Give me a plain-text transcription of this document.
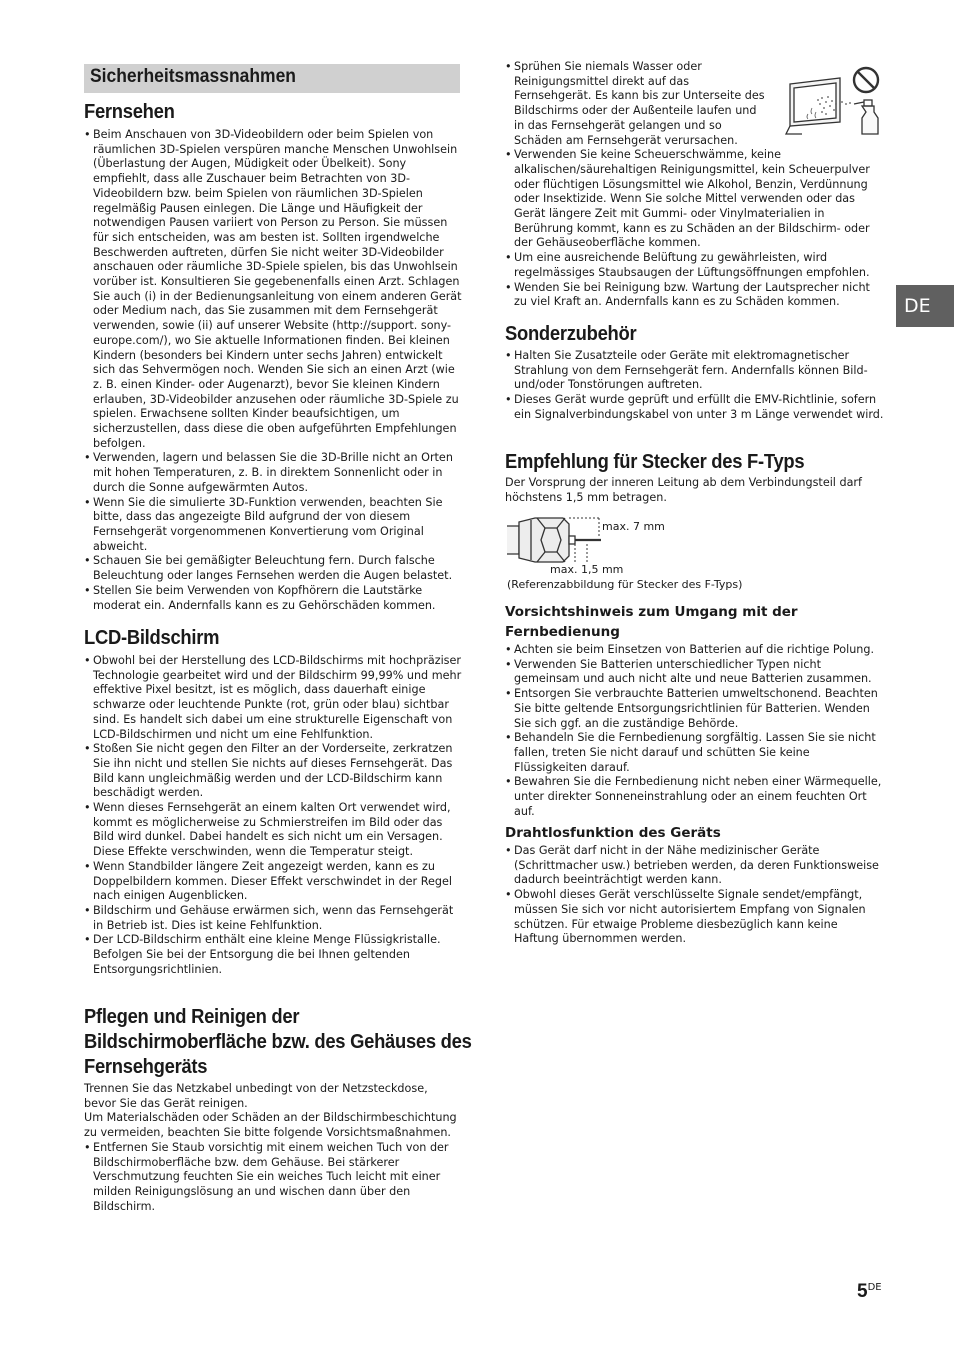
Sicherheitsmassnahmen
Fernsehen
• Beim Anschauen von 3D-Videobildern oder beim Spielen von räumlichen 3D-Spielen verspüren manche Menschen Unwohlsein (Überlastung der Augen, Müdigkeit oder Übelkeit). Sony empfiehlt, dass alle Zuschauer beim Betrachten von 3D-Videobildern bzw. beim Spielen von räumlichen 3D-Spielen regelmäßig Pausen einlegen. Die Länge und Häufigkeit der notwendigen Pausen variiert von Person zu Person. Sie müssen für sich entscheiden, was am besten ist. Sollten irgendwelche Beschwerden auftreten, dürfen Sie nicht weiter 3D-Videobilder anschauen oder räumliche 3D-Spiele spielen, bis das Unwohlsein vorüber ist. Konsultieren Sie gegebenenfalls einen Arzt. Schlagen Sie auch (i) in der Bedienungsanleitung von einem anderen Gerät oder Medium nach, das Sie zusammen mit dem Fernsehgerät verwenden, sowie (ii) auf unserer Website (http://support. sony-europe.com/), wo Sie aktuelle Informationen finden. Bei kleinen Kindern (besonders bei Kindern unter sechs Jahren) entwickelt sich das Sehvermögen noch. Wenden Sie sich an einen Arzt (wie z. B. einen Kinder- oder Augenarzt), bevor Sie kleinen Kindern erlauben, 3D-Videobilder anzusehen oder räumliche 3D-Spiele zu spielen. Erwachsene sollten Kinder beaufsichtigen, um sicherzustellen, dass diese die oben aufgeführten Empfehlungen befolgen.
• Verwenden, lagern und belassen Sie die 3D-Brille nicht an Orten mit hohen Temperaturen, z. B. in direktem Sonnenlicht oder in durch die Sonne aufgewärmten Autos.
• Wenn Sie die simulierte 3D-Funktion verwenden, beachten Sie bitte, dass das angezeigte Bild aufgrund der von diesem Fernsehgerät vorgenommenen Konvertierung vom Original abweicht.
• Schauen Sie bei gemäßigter Beleuchtung fern. Durch falsche Beleuchtung oder langes Fernsehen werden die Augen belastet.
• Stellen Sie beim Verwenden von Kopfhörern die Lautstärke moderat ein. Andernfalls kann es zu Gehörschäden kommen.
LCD-Bildschirm
• Obwohl bei der Herstellung des LCD-Bildschirms mit hochpräziser Technologie gearbeitet wird und der Bildschirm 99,99% und mehr effektive Pixel besitzt, ist es möglich, dass dauerhaft einige schwarze oder leuchtende Punkte (rot, grün oder blau) sichtbar sind. Es handelt sich dabei um eine strukturelle Eigenschaft von LCD-Bildschirmen und nicht um eine Fehlfunktion.
• Stoßen Sie nicht gegen den Filter an der Vorderseite, zerkratzen Sie ihn nicht und stellen Sie nichts auf dieses Fernsehgerät. Das Bild kann ungleichmäßig werden und der LCD-Bildschirm kann beschädigt werden.
• Wenn dieses Fernsehgerät an einem kalten Ort verwendet wird, kommt es möglicherweise zu Schmierstreifen im Bild oder das Bild wird dunkel. Dabei handelt es sich nicht um ein Versagen. Diese Effekte verschwinden, wenn die Temperatur steigt.
• Wenn Standbilder längere Zeit angezeigt werden, kann es zu Doppelbildern kommen. Dieser Effekt verschwindet in der Regel nach einigen Augenblicken.
• Bildschirm und Gehäuse erwärmen sich, wenn das Fernsehgerät in Betrieb ist. Dies ist keine Fehlfunktion.
• Der LCD-Bildschirm enthält eine kleine Menge Flüssigkristalle. Befolgen Sie bei der Entsorgung die bei Ihnen geltenden Entsorgungsrichtlinien.
Pflegen und Reinigen der
Bildschirmoberfläche bzw. des Gehäuses des
Fernsehgeräts

Trennen Sie das Netzkabel unbedingt von der Netzsteckdose, bevor Sie das Gerät reinigen.

Um Materialschäden oder Schäden an der Bildschirmbeschichtung zu vermeiden, beachten Sie bitte folgende Vorsichtsmaßnahmen.

• Entfernen Sie Staub vorsichtig mit einem weichen Tuch von der Bildschirmoberfläche bzw. dem Gehäuse. Bei stärkerer Verschmutzung feuchten Sie ein weiches Tuch leicht mit einer milden Reinigungslösung an und wischen dann über den Bildschirm.
• Sprühen Sie niemals Wasser oder Reinigungsmittel direkt auf das Fernsehgerät. Es kann bis zur Unterseite des Bildschirms oder der Außenteile laufen und in das Fernsehgerät gelangen und so Schäden am Fernsehgerät verursachen.
• Verwenden Sie keine Scheuerschwämme, keine alkalischen/säurehaltigen Reinigungsmittel, kein Scheuerpulver oder flüchtigen Lösungsmittel wie Alkohol, Benzin, Verdünnung oder Insektizide. Wenn Sie solche Mittel verwenden oder das Gerät längere Zeit mit Gummi- oder Vinylmaterialien in Berührung kommt, kann es zu Schäden an der Bildschirm- oder der Gehäuseoberfläche kommen.
• Um eine ausreichende Belüftung zu gewährleisten, wird regelmässiges Staubsaugen der Lüftungsöffnungen empfohlen.
• Wenden Sie bei Reinigung bzw. Wartung der Lautsprecher nicht zu viel Kraft an. Andernfalls kann es zu Schäden kommen.
Sonderzubehör
• Halten Sie Zusatzteile oder Geräte mit elektromagnetischer Strahlung von dem Fernsehgerät fern. Andernfalls können Bild- und/oder Tonstörungen auftreten.
• Dieses Gerät wurde geprüft und erfüllt die EMV-Richtlinie, sofern ein Signalverbindungskabel von unter 3 m Länge verwendet wird.
Empfehlung für Stecker des F-Typs

Der Vorsprung der inneren Leitung ab dem Verbindungsteil darf höchstens 1,5 mm betragen.

max. 7 mm
max. 1,5 mm
(Referenzabbildung für Stecker des F-Typs)
Vorsichtshinweis zum Umgang mit der
Fernbedienung
• Achten sie beim Einsetzen von Batterien auf die richtige Polung.
• Verwenden Sie Batterien unterschiedlicher Typen nicht gemeinsam und auch nicht alte und neue Batterien zusammen.
• Entsorgen Sie verbrauchte Batterien umweltschonend. Beachten Sie bitte geltende Entsorgungsrichtlinien für Batterien. Wenden Sie sich ggf. an die zuständige Behörde.
• Behandeln Sie die Fernbedienung sorgfältig. Lassen Sie sie nicht fallen, treten Sie nicht darauf und schütten Sie keine Flüssigkeiten darauf.
• Bewahren Sie die Fernbedienung nicht neben einer Wärmequelle, unter direkter Sonneneinstrahlung oder an einem feuchten Ort auf.
Drahtlosfunktion des Geräts
• Das Gerät darf nicht in der Nähe medizinischer Geräte (Schrittmacher usw.) betrieben werden, da deren Funktionsweise dadurch beeinträchtigt werden kann.
• Obwohl dieses Gerät verschlüsselte Signale sendet/empfängt, müssen Sie sich vor nicht autorisiertem Empfang von Signalen schützen. Für etwaige Probleme diesbezüglich kann keine Haftung übernommen werden.
DE
5DE
